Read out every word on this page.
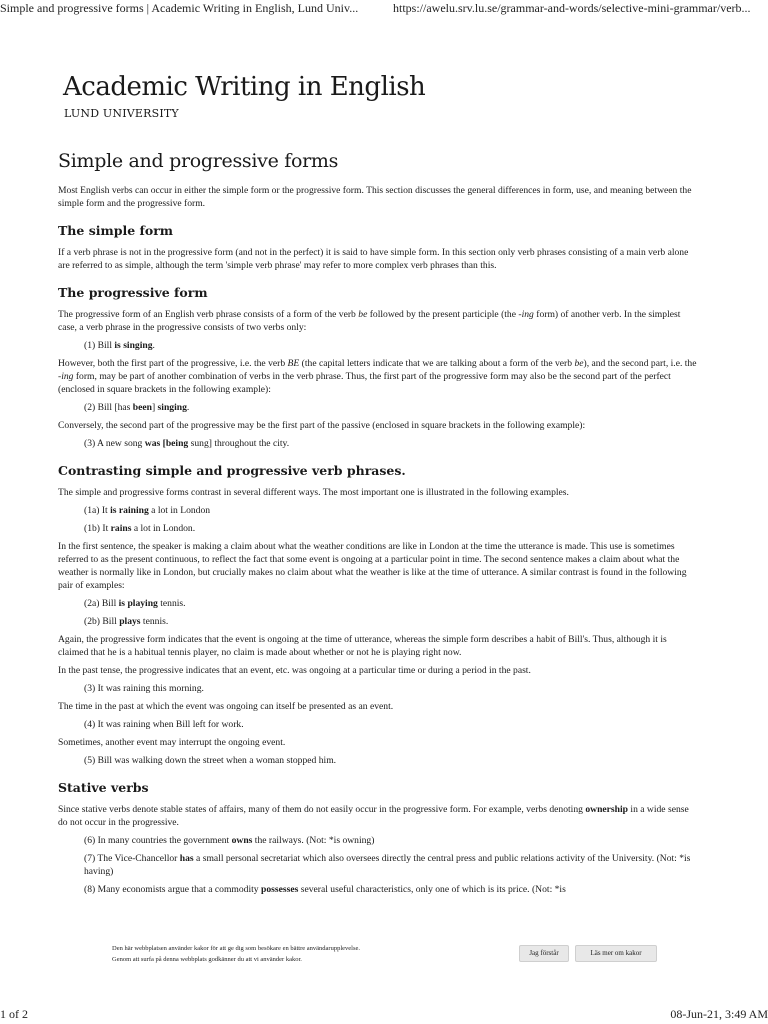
Simple and progressive forms | Academic Writing in English, Lund Univ...	https://awelu.srv.lu.se/grammar-and-words/selective-mini-grammar/verb...
Academic Writing in English
LUND UNIVERSITY
Simple and progressive forms

Most English verbs can occur in either the simple form or the progressive form. This section discusses the general differences in form, use, and meaning between the simple form and the progressive form.

The simple form

If a verb phrase is not in the progressive form (and not in the perfect) it is said to have simple form. In this section only verb phrases consisting of a main verb alone are referred to as simple, although the term 'simple verb phrase' may refer to more complex verb phrases than this.

The progressive form

The progressive form of an English verb phrase consists of a form of the verb be followed by the present participle (the -ing form) of another verb. In the simplest case, a verb phrase in the progressive consists of two verbs only:

(1) Bill is singing.

However, both the first part of the progressive, i.e. the verb BE (the capital letters indicate that we are talking about a form of the verb be), and the second part, i.e. the -ing form, may be part of another combination of verbs in the verb phrase. Thus, the first part of the progressive form may also be the second part of the perfect (enclosed in square brackets in the following example):

(2) Bill [has been] singing.

Conversely, the second part of the progressive may be the first part of the passive (enclosed in square brackets in the following example):

(3) A new song was [being sung] throughout the city.

Contrasting simple and progressive verb phrases.

The simple and progressive forms contrast in several different ways. The most important one is illustrated in the following examples.

(1a) It is raining a lot in London

(1b) It rains a lot in London.

In the first sentence, the speaker is making a claim about what the weather conditions are like in London at the time the utterance is made. This use is sometimes referred to as the present continuous, to reflect the fact that some event is ongoing at a particular point in time. The second sentence makes a claim about what the weather is normally like in London, but crucially makes no claim about what the weather is like at the time of utterance. A similar contrast is found in the following pair of examples:

(2a) Bill is playing tennis.

(2b) Bill plays tennis.

Again, the progressive form indicates that the event is ongoing at the time of utterance, whereas the simple form describes a habit of Bill's. Thus, although it is claimed that he is a habitual tennis player, no claim is made about whether or not he is playing right now.

In the past tense, the progressive indicates that an event, etc. was ongoing at a particular time or during a period in the past.

(3) It was raining this morning.

The time in the past at which the event was ongoing can itself be presented as an event.

(4) It was raining when Bill left for work.

Sometimes, another event may interrupt the ongoing event.

(5) Bill was walking down the street when a woman stopped him.

Stative verbs

Since stative verbs denote stable states of affairs, many of them do not easily occur in the progressive form. For example, verbs denoting ownership in a wide sense do not occur in the progressive.

(6) In many countries the government owns the railways. (Not: *is owning)

(7) The Vice-Chancellor has a small personal secretariat which also oversees directly the central press and public relations activity of the University. (Not: *is having)

(8) Many economists argue that a commodity possesses several useful characteristics, only one of which is its price. (Not: *is

Den här webbplatsen använder kakor för att ge dig som besökare en bättre användarupplevelse.
Genom att surfa på denna webbplats godkänner du att vi använder kakor.
Jag förstår	Läs mer om kakor
1 of 2	08-Jun-21, 3:49 AM
